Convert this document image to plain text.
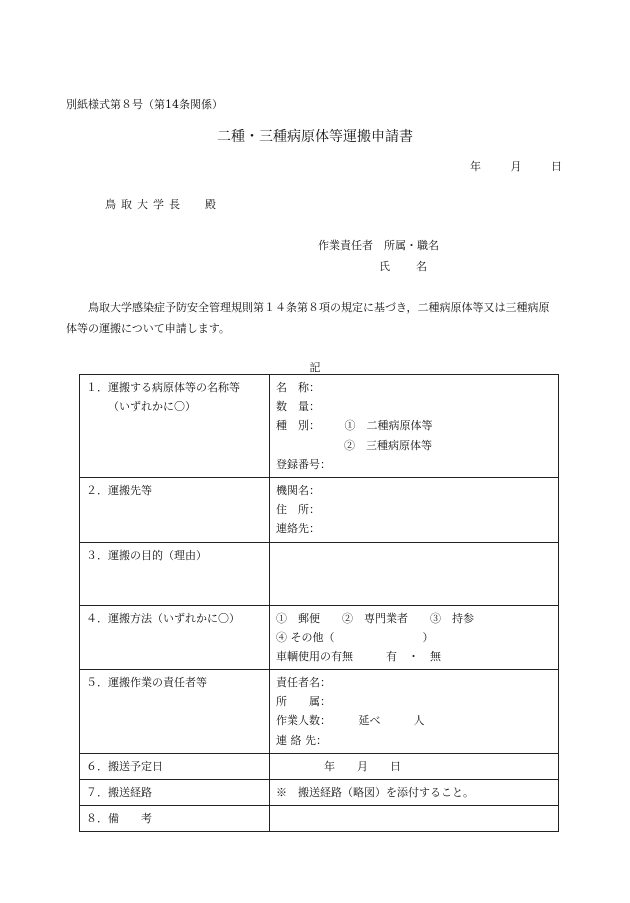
別紙様式第８号（第14条関係）
二種・三種病原体等運搬申請書
年	月	日
鳥取大学長 殿
作業責任者　所属・職名
氏名
鳥取大学感染症予防安全管理規則第１４条第８項の規定に基づき，二種病原体等又は三種病原体等の運搬について申請します。
記
１．運搬する病原体等の名称等
（いずれかに〇）	名　称：
数　量：
種　別： ①　二種病原体等
②　三種病原体等
登録番号：

２．運搬先等	機関名：
住　所：
連絡先：

３．運搬の目的（理由）	

４．運搬方法（いずれかに〇）	①　郵便　　②　専門業者　　③　持参
④ その他（　　　　　　　　）
車輌使用の有無　　　有　・　無

５．運搬作業の責任者等	責任者名：
所　　属：
作業人数：　　　延べ　　　人
連 絡 先：

６．搬送予定日	年　　月　　日

７．搬送経路	※　搬送経路（略図）を添付すること。

８．備　　考	
